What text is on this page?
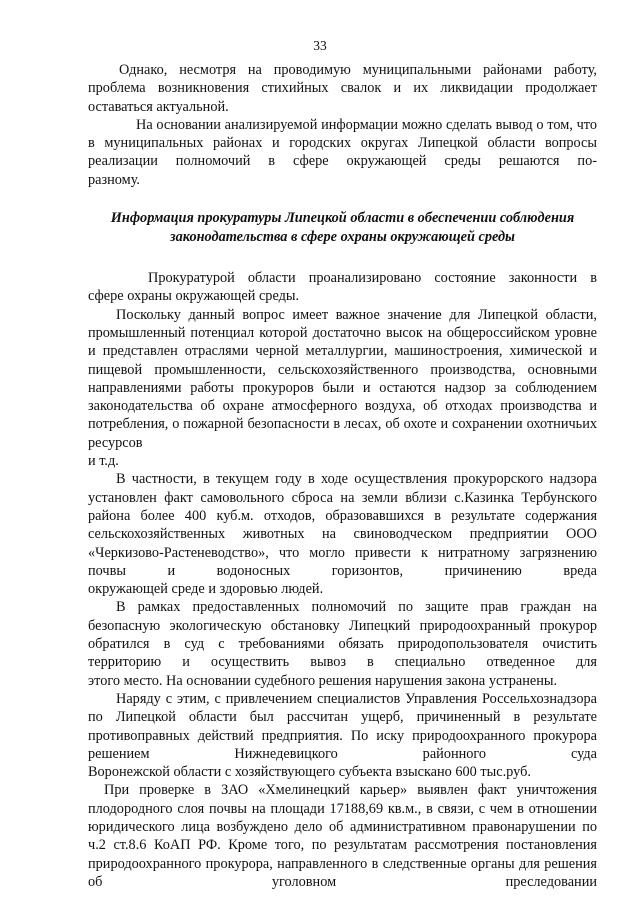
33

Однако, несмотря на проводимую муниципальными районами работу, проблема возникновения стихийных свалок и их ликвидации продолжает

оставаться актуальной.

На основании анализируемой информации можно сделать вывод о том, что в муниципальных районах и городских округах Липецкой области вопросы реализации полномочий в сфере окружающей среды решаются по-

разному.

Информация прокуратуры Липецкой области в обеспечении соблюдения
законодательства в сфере охраны окружающей среды

Прокуратурой области проанализировано состояние законности в

сфере охраны окружающей среды.

Поскольку данный вопрос имеет важное значение для Липецкой области, промышленный потенциал которой достаточно высок на общероссийском уровне и представлен отраслями черной металлургии, машиностроения, химической и пищевой промышленности, сельскохозяйственного производства, основными направлениями работы прокуроров были и остаются надзор за соблюдением законодательства об охране атмосферного воздуха, об отходах производства и потребления, о пожарной безопасности в лесах, об охоте и сохранении охотничьих ресурсов

и т.д.

В частности, в текущем году в ходе осуществления прокурорского надзора установлен факт самовольного сброса на земли вблизи с.Казинка Тербунского района более 400 куб.м. отходов, образовавшихся в результате содержания сельскохозяйственных животных на свиноводческом предприятии ООО «Черкизово-Растеневодство», что могло привести к нитратному загрязнению почвы и водоносных горизонтов, причинению вреда

окружающей среде и здоровью людей.

В рамках предоставленных полномочий по защите прав граждан на безопасную экологическую обстановку Липецкий природоохранный прокурор обратился в суд с требованиями обязать природопользователя очистить территорию и осуществить вывоз в специально отведенное для

этого место. На основании судебного решения нарушения закона устранены.

Наряду с этим, с привлечением специалистов Управления Россельхознадзора по Липецкой области был рассчитан ущерб, причиненный в результате противоправных действий предприятия. По иску природоохранного прокурора решением Нижнедевицкого районного суда

Воронежской области с хозяйствующего субъекта взыскано 600 тыс.руб.

При проверке в ЗАО «Хмелинецкий карьер» выявлен факт уничтожения плодородного слоя почвы на площади 17188,69 кв.м., в связи, с чем в отношении юридического лица возбуждено дело об административном правонарушении по ч.2 ст.8.6 КоАП РФ. Кроме того, по результатам рассмотрения постановления природоохранного прокурора, направленного в следственные органы для решения об уголовном преследовании
